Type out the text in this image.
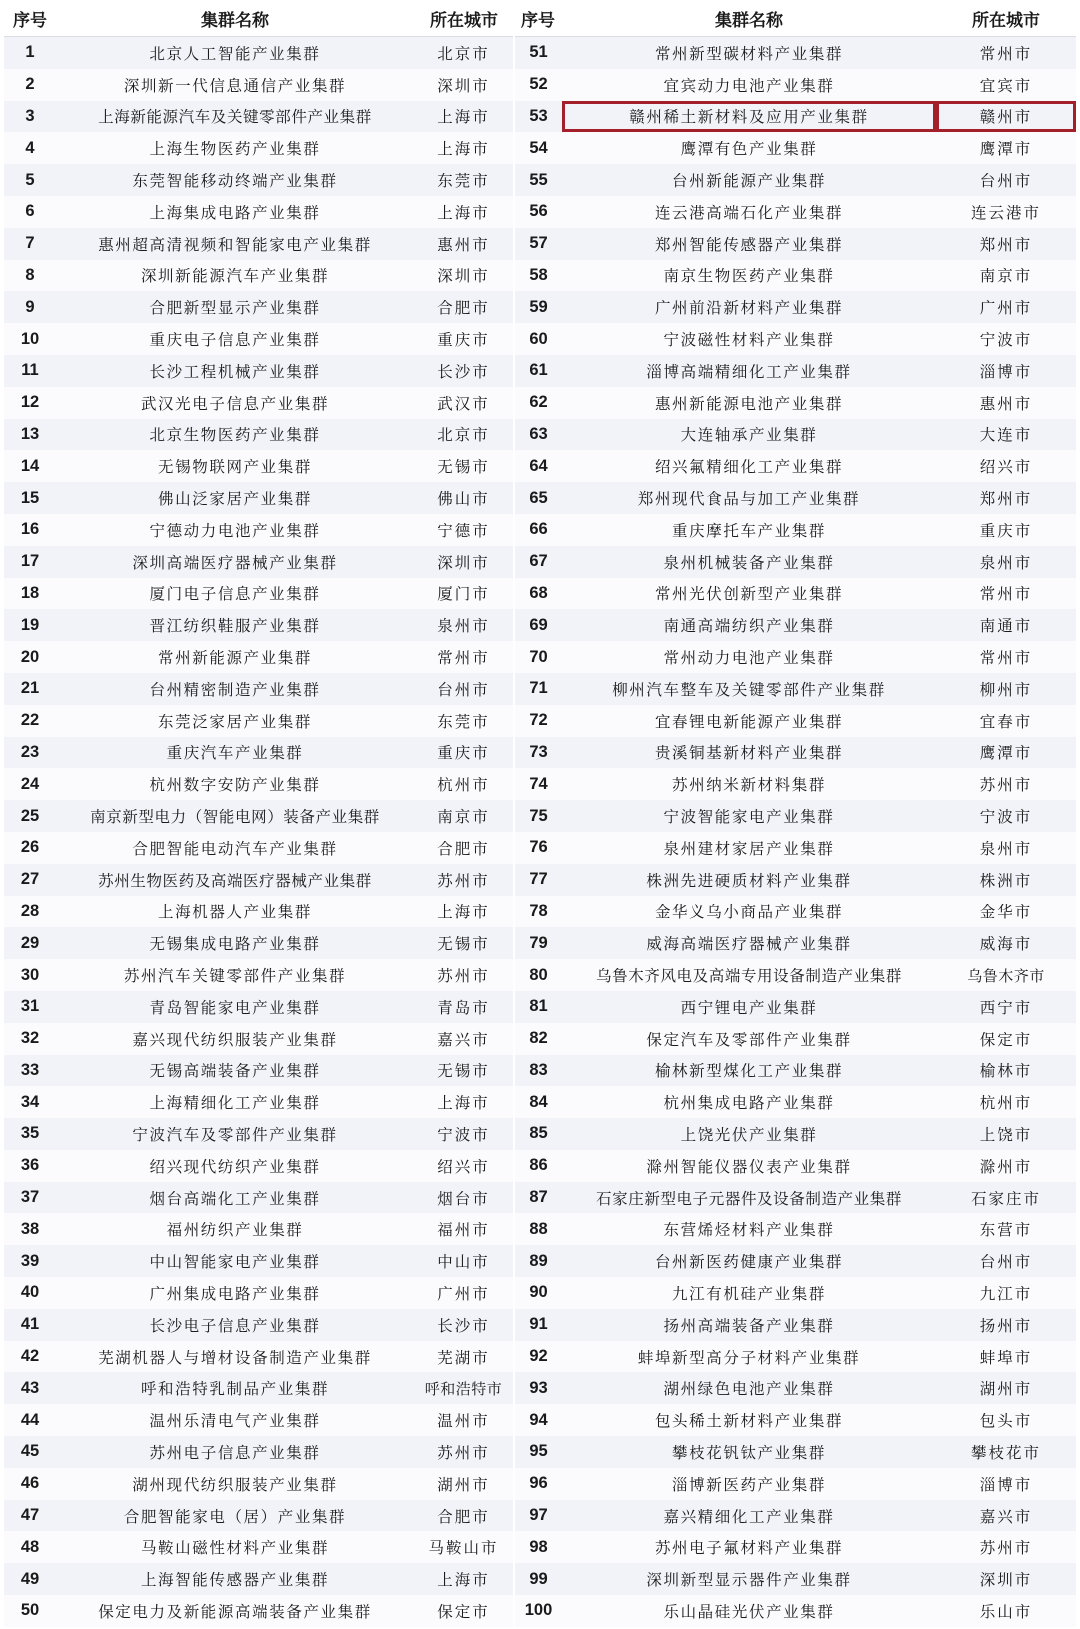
序号	集群名称	所在城市	序号	集群名称	所在城市
1	北京人工智能产业集群	北京市	51	常州新型碳材料产业集群	常州市
2	深圳新一代信息通信产业集群	深圳市	52	宜宾动力电池产业集群	宜宾市
3	上海新能源汽车及关键零部件产业集群	上海市	53	赣州稀土新材料及应用产业集群	赣州市
4	上海生物医药产业集群	上海市	54	鹰潭有色产业集群	鹰潭市
5	东莞智能移动终端产业集群	东莞市	55	台州新能源产业集群	台州市
6	上海集成电路产业集群	上海市	56	连云港高端石化产业集群	连云港市
7	惠州超高清视频和智能家电产业集群	惠州市	57	郑州智能传感器产业集群	郑州市
8	深圳新能源汽车产业集群	深圳市	58	南京生物医药产业集群	南京市
9	合肥新型显示产业集群	合肥市	59	广州前沿新材料产业集群	广州市
10	重庆电子信息产业集群	重庆市	60	宁波磁性材料产业集群	宁波市
11	长沙工程机械产业集群	长沙市	61	淄博高端精细化工产业集群	淄博市
12	武汉光电子信息产业集群	武汉市	62	惠州新能源电池产业集群	惠州市
13	北京生物医药产业集群	北京市	63	大连轴承产业集群	大连市
14	无锡物联网产业集群	无锡市	64	绍兴氟精细化工产业集群	绍兴市
15	佛山泛家居产业集群	佛山市	65	郑州现代食品与加工产业集群	郑州市
16	宁德动力电池产业集群	宁德市	66	重庆摩托车产业集群	重庆市
17	深圳高端医疗器械产业集群	深圳市	67	泉州机械装备产业集群	泉州市
18	厦门电子信息产业集群	厦门市	68	常州光伏创新型产业集群	常州市
19	晋江纺织鞋服产业集群	泉州市	69	南通高端纺织产业集群	南通市
20	常州新能源产业集群	常州市	70	常州动力电池产业集群	常州市
21	台州精密制造产业集群	台州市	71	柳州汽车整车及关键零部件产业集群	柳州市
22	东莞泛家居产业集群	东莞市	72	宜春锂电新能源产业集群	宜春市
23	重庆汽车产业集群	重庆市	73	贵溪铜基新材料产业集群	鹰潭市
24	杭州数字安防产业集群	杭州市	74	苏州纳米新材料集群	苏州市
25	南京新型电力（智能电网）装备产业集群	南京市	75	宁波智能家电产业集群	宁波市
26	合肥智能电动汽车产业集群	合肥市	76	泉州建材家居产业集群	泉州市
27	苏州生物医药及高端医疗器械产业集群	苏州市	77	株洲先进硬质材料产业集群	株洲市
28	上海机器人产业集群	上海市	78	金华义乌小商品产业集群	金华市
29	无锡集成电路产业集群	无锡市	79	威海高端医疗器械产业集群	威海市
30	苏州汽车关键零部件产业集群	苏州市	80	乌鲁木齐风电及高端专用设备制造产业集群	乌鲁木齐市
31	青岛智能家电产业集群	青岛市	81	西宁锂电产业集群	西宁市
32	嘉兴现代纺织服装产业集群	嘉兴市	82	保定汽车及零部件产业集群	保定市
33	无锡高端装备产业集群	无锡市	83	榆林新型煤化工产业集群	榆林市
34	上海精细化工产业集群	上海市	84	杭州集成电路产业集群	杭州市
35	宁波汽车及零部件产业集群	宁波市	85	上饶光伏产业集群	上饶市
36	绍兴现代纺织产业集群	绍兴市	86	滁州智能仪器仪表产业集群	滁州市
37	烟台高端化工产业集群	烟台市	87	石家庄新型电子元器件及设备制造产业集群	石家庄市
38	福州纺织产业集群	福州市	88	东营烯烃材料产业集群	东营市
39	中山智能家电产业集群	中山市	89	台州新医药健康产业集群	台州市
40	广州集成电路产业集群	广州市	90	九江有机硅产业集群	九江市
41	长沙电子信息产业集群	长沙市	91	扬州高端装备产业集群	扬州市
42	芜湖机器人与增材设备制造产业集群	芜湖市	92	蚌埠新型高分子材料产业集群	蚌埠市
43	呼和浩特乳制品产业集群	呼和浩特市	93	湖州绿色电池产业集群	湖州市
44	温州乐清电气产业集群	温州市	94	包头稀土新材料产业集群	包头市
45	苏州电子信息产业集群	苏州市	95	攀枝花钒钛产业集群	攀枝花市
46	湖州现代纺织服装产业集群	湖州市	96	淄博新医药产业集群	淄博市
47	合肥智能家电（居）产业集群	合肥市	97	嘉兴精细化工产业集群	嘉兴市
48	马鞍山磁性材料产业集群	马鞍山市	98	苏州电子氟材料产业集群	苏州市
49	上海智能传感器产业集群	上海市	99	深圳新型显示器件产业集群	深圳市
50	保定电力及新能源高端装备产业集群	保定市	100	乐山晶硅光伏产业集群	乐山市
